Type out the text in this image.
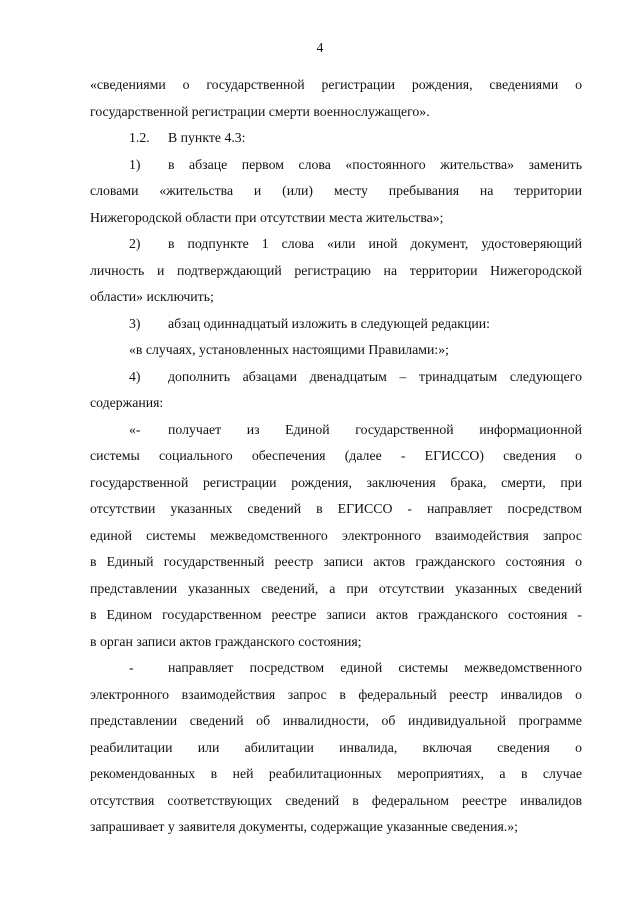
4
«сведениями о государственной регистрации рождения, сведениями о
государственной регистрации смерти военнослужащего».
1.2. В пункте 4.3:
1)	в абзаце первом слова «постоянного жительства» заменить
словами «жительства и (или) месту пребывания на территории
Нижегородской области при отсутствии места жительства»;
2)	в подпункте 1 слова «или иной документ, удостоверяющий
личность и подтверждающий регистрацию на территории Нижегородской
области» исключить;
3) абзац одиннадцатый изложить в следующей редакции:
«в случаях, установленных настоящими Правилами:»;
4)	дополнить абзацами двенадцатым – тринадцатым следующего
содержания:
«-	получает из Единой государственной информационной
системы социального обеспечения (далее - ЕГИССО) сведения о
государственной регистрации рождения, заключения брака, смерти, при
отсутствии указанных сведений в ЕГИССО - направляет посредством
единой системы межведомственного электронного взаимодействия запрос
в Единый государственный реестр записи актов гражданского состояния о
представлении указанных сведений, а при отсутствии указанных сведений
в Едином государственном реестре записи актов гражданского состояния -
в орган записи актов гражданского состояния;
-	направляет посредством единой системы межведомственного
электронного взаимодействия запрос в федеральный реестр инвалидов о
представлении сведений об инвалидности, об индивидуальной программе
реабилитации или абилитации инвалида, включая сведения о
рекомендованных в ней реабилитационных мероприятиях, а в случае
отсутствия соответствующих сведений в федеральном реестре инвалидов
запрашивает у заявителя документы, содержащие указанные сведения.»;
